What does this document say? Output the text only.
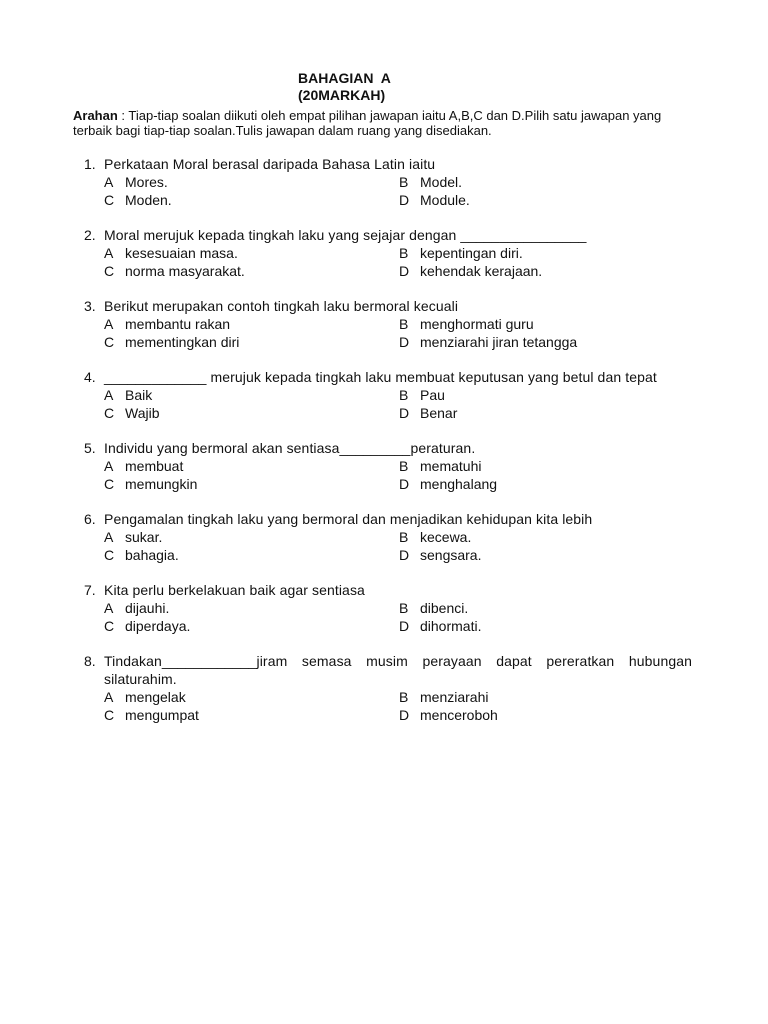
BAHAGIAN  A
(20MARKAH)
Arahan : Tiap-tiap soalan diikuti oleh empat pilihan jawapan iaitu A,B,C dan D.Pilih satu jawapan yang terbaik bagi tiap-tiap soalan.Tulis jawapan dalam ruang yang disediakan.
1. Perkataan Moral berasal daripada Bahasa Latin iaitu
A Mores.	B Model.
C Moden.	D Module.
2. Moral merujuk kepada tingkah laku yang sejajar dengan ________________
A kesesuaian masa.	B kepentingan diri.
C norma masyarakat.	D kehendak kerajaan.
3. Berikut merupakan contoh tingkah laku bermoral kecuali
A membantu rakan	B menghormati guru
C mementingkan diri	D menziarahi jiran tetangga
4. _____________ merujuk kepada tingkah laku membuat keputusan yang betul dan tepat
A Baik	B Pau
C Wajib	D Benar
5. Individu yang bermoral akan sentiasa_________peraturan.
A membuat	B mematuhi
C memungkin	D menghalang
6. Pengamalan tingkah laku yang bermoral dan menjadikan kehidupan kita lebih
A sukar.	B kecewa.
C bahagia.	D sengsara.
7. Kita perlu berkelakuan baik agar sentiasa
A dijauhi.	B dibenci.
C diperdaya.	D dihormati.
8. Tindakan____________jiram semasa musim perayaan dapat pereratkan hubungan silaturahim.
A mengelak	B menziarahi
C mengumpat	D menceroboh
